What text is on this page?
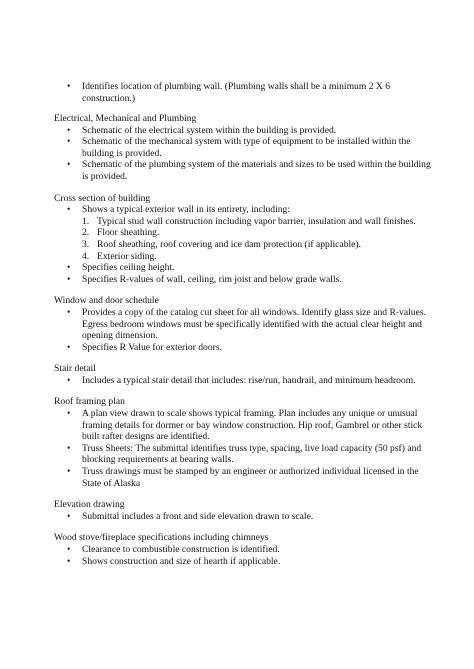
• Identifies location of plumbing wall. (Plumbing walls shall be a minimum 2 X 6 construction.)

Electrical, Mechanical and Plumbing

• Schematic of the electrical system within the building is provided.
• Schematic of the mechanical system with type of equipment to be installed within the building is provided.
• Schematic of the plumbing system of the materials and sizes to be used within the building is provided.

Cross section of building

• Shows a typical exterior wall in its entirety, including:
1. Typical stud wall construction including vapor barrier, insulation and wall finishes.
2. Floor sheathing.
3. Roof sheathing, roof covering and ice dam protection (if applicable).
4. Exterior siding.
• Specifies ceiling height.
• Specifies R-values of wall, ceiling, rim joist and below grade walls.

Window and door schedule

• Provides a copy of the catalog cut sheet for all windows. Identify glass size and R-values. Egress bedroom windows must be specifically identified with the actual clear height and opening dimension.
• Specifies R Value for exterior doors.

Stair detail

• Includes a typical stair detail that includes: rise/run, handrail, and minimum headroom.

Roof framing plan

• A plan view drawn to scale shows typical framing. Plan includes any unique or unusual framing details for dormer or bay window construction. Hip roof, Gambrel or other stick built rafter designs are identified.
• Truss Sheets: The submittal identifies truss type, spacing, live load capacity (50 psf) and blocking requirements at bearing walls.
• Truss drawings must be stamped by an engineer or authorized individual licensed in the State of Alaska

Elevation drawing

• Submittal includes a front and side elevation drawn to scale.

Wood stove/fireplace specifications including chimneys

• Clearance to combustible construction is identified.
• Shows construction and size of hearth if applicable.
